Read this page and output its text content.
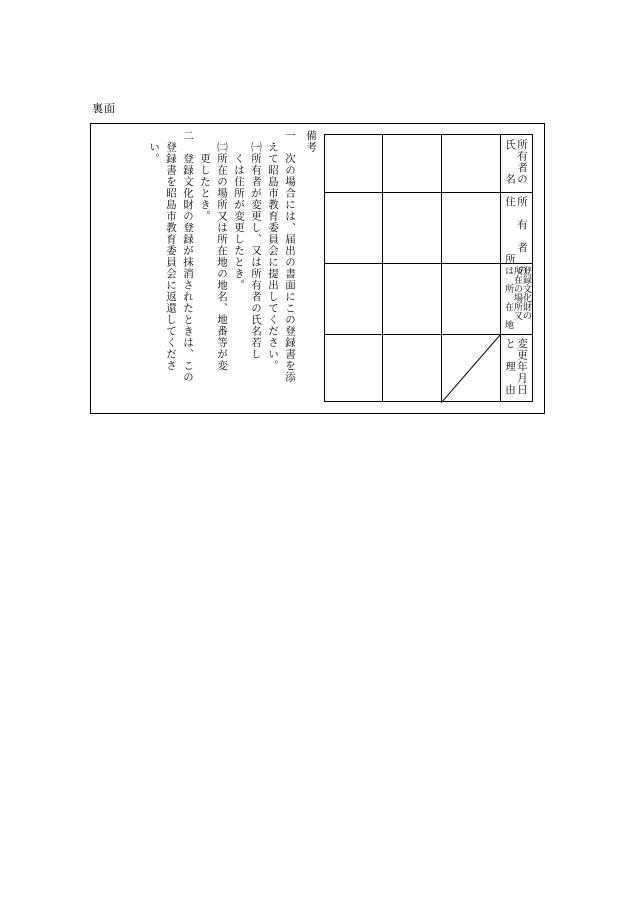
裏面
備考
一　次の場合には、届出の書面にこの登録書を添
　えて昭島市教育委員会に提出してください。
　㈠所有者が変更し、又は所有者の氏名若し
　　くは住所が変更したとき。
　㈡所在の場所又は所在地の地名、地番等が変
　　更したとき。
二　登録文化財の登録が抹消されたときは、この
　登録書を昭島市教育委員会に返還してくださ
　い。	所有者の
氏　　名
所　有　者　の
住　　　　所
登録文化財の
所在の場所又
は　所　在　地
変更年月日
と　理　由
